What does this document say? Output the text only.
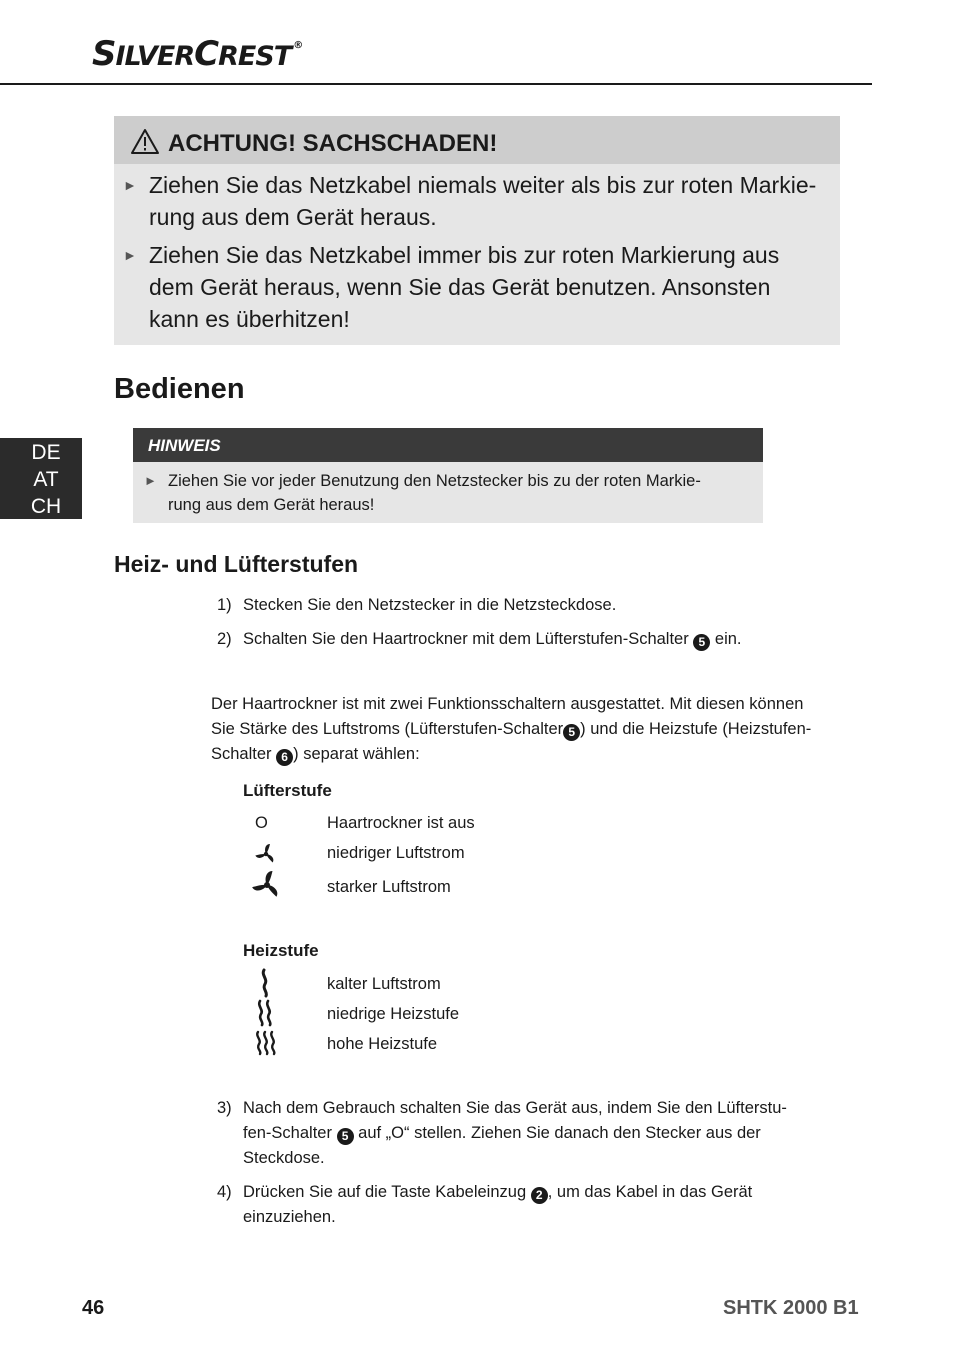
SILVERCREST ®
ACHTUNG! SACHSCHADEN!
► Ziehen Sie das Netzkabel niemals weiter als bis zur roten Markie-
rung aus dem Gerät heraus.
► Ziehen Sie das Netzkabel immer bis zur roten Markierung aus
dem Gerät heraus, wenn Sie das Gerät benutzen. Ansonsten
kann es überhitzen!
Bedienen
DE
AT
CH
HINWEIS
► Ziehen Sie vor jeder Benutzung den Netzstecker bis zu der roten Markie-
rung aus dem Gerät heraus!
Heiz- und Lüfterstufen
1) Stecken Sie den Netzstecker in die Netzsteckdose.
2) Schalten Sie den Haartrockner mit dem Lüfterstufen-Schalter 5 ein.
Der Haartrockner ist mit zwei Funktionsschaltern ausgestattet. Mit diesen können
Sie Stärke des Luftstroms (Lüfterstufen-Schalter 5 ) und die Heizstufe (Heizstufen-
Schalter 6 ) separat wählen:
Lüfterstufe
O	Haartrockner ist aus
niedriger Luftstrom
starker Luftstrom
Heizstufe
kalter Luftstrom
niedrige Heizstufe
hohe Heizstufe
3) Nach dem Gebrauch schalten Sie das Gerät aus, indem Sie den Lüfterstu-
fen-Schalter 5 auf „O“ stellen. Ziehen Sie danach den Stecker aus der
Steckdose.
4) Drücken Sie auf die Taste Kabeleinzug 2 , um das Kabel in das Gerät
einzuziehen.
46	SHTK 2000 B1
